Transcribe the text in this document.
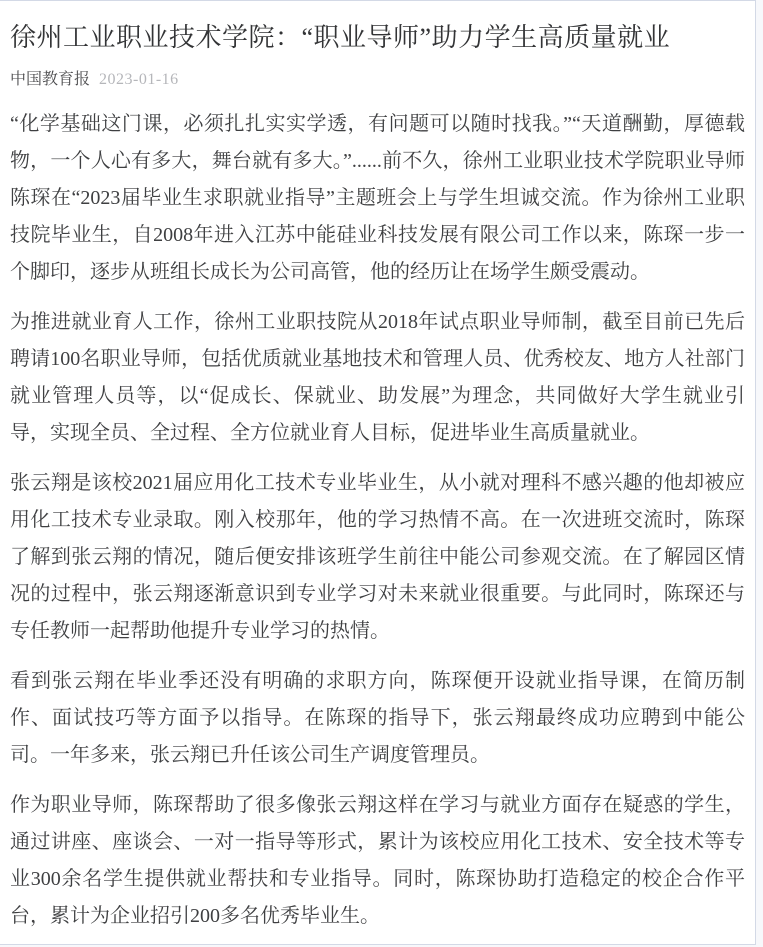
徐州工业职业技术学院：“职业导师”助力学生高质量就业
中国教育报 2023-01-16

“化学基础这门课，必须扎扎实实学透，有问题可以随时找我。”“天道酬勤，厚德载物，一个人心有多大，舞台就有多大。”......前不久，徐州工业职业技术学院职业导师陈琛在“2023届毕业生求职就业指导”主题班会上与学生坦诚交流。作为徐州工业职技院毕业生，自2008年进入江苏中能硅业科技发展有限公司工作以来，陈琛一步一个脚印，逐步从班组长成长为公司高管，他的经历让在场学生颇受震动。

为推进就业育人工作，徐州工业职技院从2018年试点职业导师制，截至目前已先后聘请100名职业导师，包括优质就业基地技术和管理人员、优秀校友、地方人社部门就业管理人员等，以“促成长、保就业、助发展”为理念，共同做好大学生就业引导，实现全员、全过程、全方位就业育人目标，促进毕业生高质量就业。

张云翔是该校2021届应用化工技术专业毕业生，从小就对理科不感兴趣的他却被应用化工技术专业录取。刚入校那年，他的学习热情不高。在一次进班交流时，陈琛了解到张云翔的情况，随后便安排该班学生前往中能公司参观交流。在了解园区情况的过程中，张云翔逐渐意识到专业学习对未来就业很重要。与此同时，陈琛还与专任教师一起帮助他提升专业学习的热情。

看到张云翔在毕业季还没有明确的求职方向，陈琛便开设就业指导课，在简历制作、面试技巧等方面予以指导。在陈琛的指导下，张云翔最终成功应聘到中能公司。一年多来，张云翔已升任该公司生产调度管理员。

作为职业导师，陈琛帮助了很多像张云翔这样在学习与就业方面存在疑惑的学生，通过讲座、座谈会、一对一指导等形式，累计为该校应用化工技术、安全技术等专业300余名学生提供就业帮扶和专业指导。同时，陈琛协助打造稳定的校企合作平台，累计为企业招引200多名优秀毕业生。
